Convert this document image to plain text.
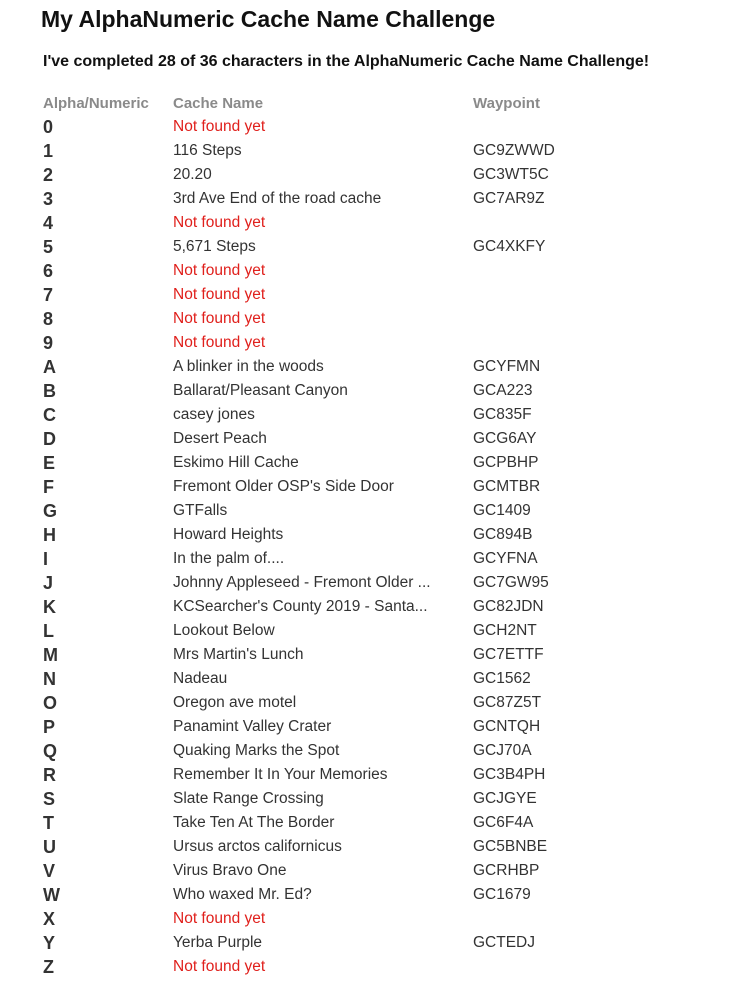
My AlphaNumeric Cache Name Challenge
I've completed 28 of 36 characters in the AlphaNumeric Cache Name Challenge!
Alpha/Numeric	Cache Name	Waypoint
0	Not found yet
1	116 Steps	GC9ZWWD
2	20.20	GC3WT5C
3	3rd Ave End of the road cache	GC7AR9Z
4	Not found yet
5	5,671 Steps	GC4XKFY
6	Not found yet
7	Not found yet
8	Not found yet
9	Not found yet
A	A blinker in the woods	GCYFMN
B	Ballarat/Pleasant Canyon	GCA223
C	casey jones	GC835F
D	Desert Peach	GCG6AY
E	Eskimo Hill Cache	GCPBHP
F	Fremont Older OSP's Side Door	GCMTBR
G	GTFalls	GC1409
H	Howard Heights	GC894B
I	In the palm of....	GCYFNA
J	Johnny Appleseed - Fremont Older ...	GC7GW95
K	KCSearcher's County 2019 - Santa...	GC82JDN
L	Lookout Below	GCH2NT
M	Mrs Martin's Lunch	GC7ETTF
N	Nadeau	GC1562
O	Oregon ave motel	GC87Z5T
P	Panamint Valley Crater	GCNTQH
Q	Quaking Marks the Spot	GCJ70A
R	Remember It In Your Memories	GC3B4PH
S	Slate Range Crossing	GCJGYE
T	Take Ten At The Border	GC6F4A
U	Ursus arctos californicus	GC5BNBE
V	Virus Bravo One	GCRHBP
W	Who waxed Mr. Ed?	GC1679
X	Not found yet
Y	Yerba Purple	GCTEDJ
Z	Not found yet
